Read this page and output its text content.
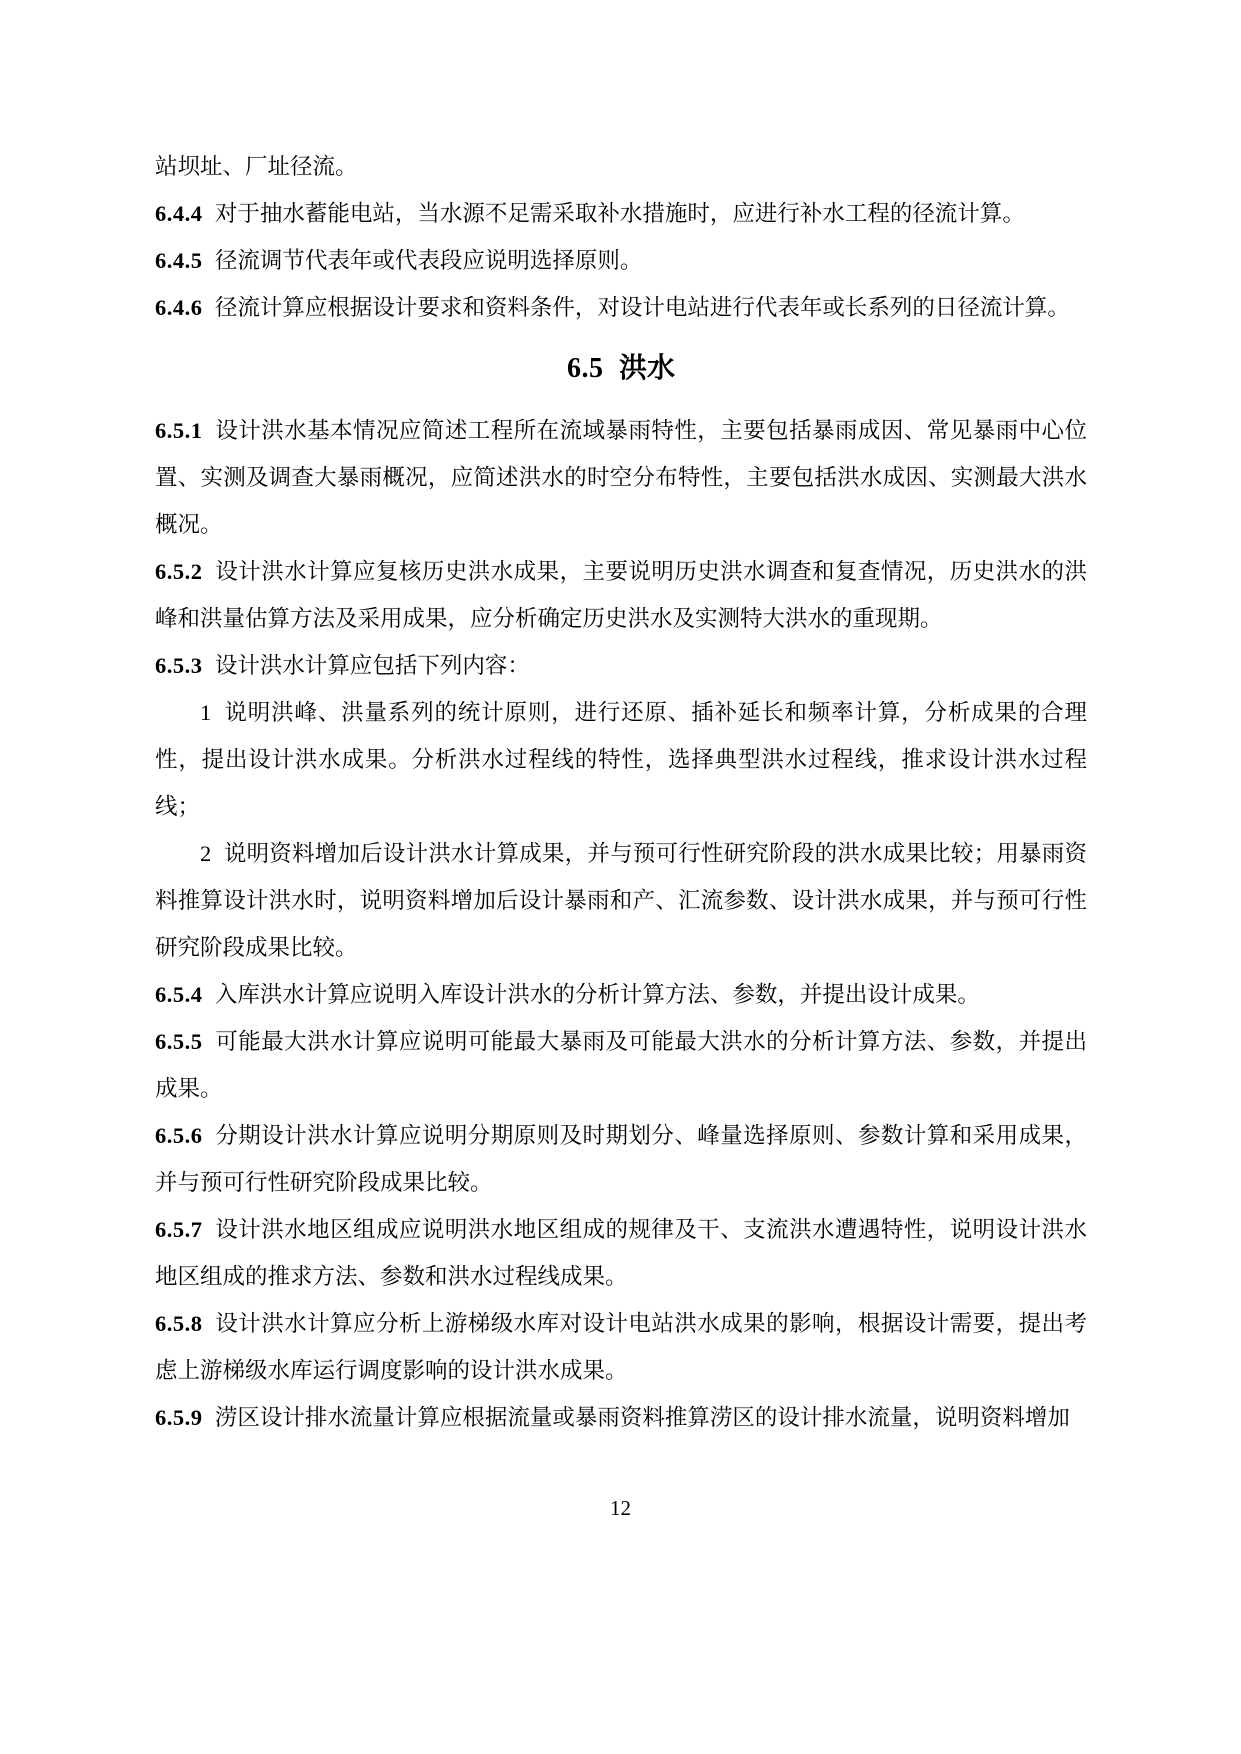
站坝址、厂址径流。

6.4.4 对于抽水蓄能电站，当水源不足需采取补水措施时，应进行补水工程的径流计算。

6.4.5 径流调节代表年或代表段应说明选择原则。

6.4.6 径流计算应根据设计要求和资料条件，对设计电站进行代表年或长系列的日径流计算。

6.5 洪水

6.5.1 设计洪水基本情况应简述工程所在流域暴雨特性，主要包括暴雨成因、常见暴雨中心位置、实测及调查大暴雨概况，应简述洪水的时空分布特性，主要包括洪水成因、实测最大洪水概况。

6.5.2 设计洪水计算应复核历史洪水成果，主要说明历史洪水调查和复查情况，历史洪水的洪峰和洪量估算方法及采用成果，应分析确定历史洪水及实测特大洪水的重现期。

6.5.3 设计洪水计算应包括下列内容：

1 说明洪峰、洪量系列的统计原则，进行还原、插补延长和频率计算，分析成果的合理性，提出设计洪水成果。分析洪水过程线的特性，选择典型洪水过程线，推求设计洪水过程线；

2 说明资料增加后设计洪水计算成果，并与预可行性研究阶段的洪水成果比较；用暴雨资料推算设计洪水时，说明资料增加后设计暴雨和产、汇流参数、设计洪水成果，并与预可行性研究阶段成果比较。

6.5.4 入库洪水计算应说明入库设计洪水的分析计算方法、参数，并提出设计成果。

6.5.5 可能最大洪水计算应说明可能最大暴雨及可能最大洪水的分析计算方法、参数，并提出成果。

6.5.6 分期设计洪水计算应说明分期原则及时期划分、峰量选择原则、参数计算和采用成果，并与预可行性研究阶段成果比较。

6.5.7 设计洪水地区组成应说明洪水地区组成的规律及干、支流洪水遭遇特性，说明设计洪水地区组成的推求方法、参数和洪水过程线成果。

6.5.8 设计洪水计算应分析上游梯级水库对设计电站洪水成果的影响，根据设计需要，提出考虑上游梯级水库运行调度影响的设计洪水成果。

6.5.9 涝区设计排水流量计算应根据流量或暴雨资料推算涝区的设计排水流量，说明资料增加

12
